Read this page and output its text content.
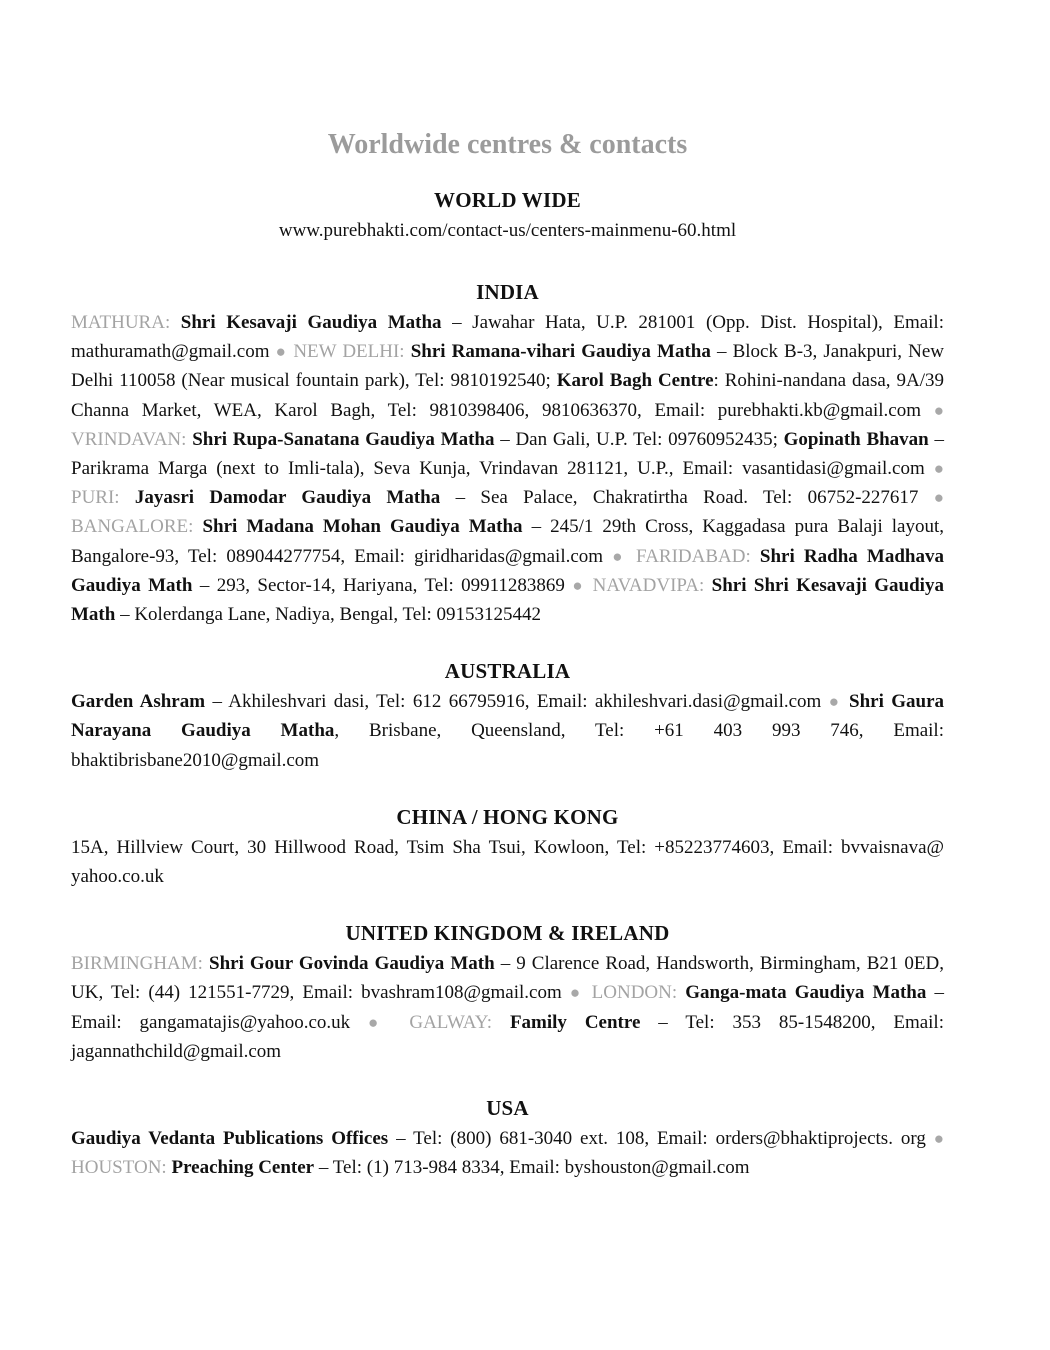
Worldwide centres & contacts
WORLD WIDE

www.purebhakti.com/contact-us/centers-mainmenu-60.html

INDIA

MATHURA: Shri Kesavaji Gaudiya Matha – Jawahar Hata, U.P. 281001 (Opp. Dist. Hospital), Email: mathuramath@gmail.com ● NEW DELHI: Shri Ramana-vihari Gaudiya Matha – Block B-3, Janakpuri, New Delhi 110058 (Near musical fountain park), Tel: 9810192540; Karol Bagh Centre: Rohini-nandana dasa, 9A/39 Channa Market, WEA, Karol Bagh, Tel: 9810398406, 9810636370, Email: purebhakti.kb@gmail.com ● VRINDAVAN: Shri Rupa-Sanatana Gaudiya Matha – Dan Gali, U.P. Tel: 09760952435; Gopinath Bhavan – Parikrama Marga (next to Imli-tala), Seva Kunja, Vrindavan 281121, U.P., Email: vasantidasi@gmail.com ● PURI: Jayasri Damodar Gaudiya Matha – Sea Palace, Chakratirtha Road. Tel: 06752-227617 ● BANGALORE: Shri Madana Mohan Gaudiya Matha – 245/1 29th Cross, Kaggadasa pura Balaji layout, Bangalore-93, Tel: 089044277754, Email: giridharidas@gmail.com ● FARIDABAD: Shri Radha Madhava Gaudiya Math – 293, Sector-14, Hariyana, Tel: 09911283869 ● NAVADVIPA: Shri Shri Kesavaji Gaudiya Math – Kolerdanga Lane, Nadiya, Bengal, Tel: 09153125442

AUSTRALIA

Garden Ashram – Akhileshvari dasi, Tel: 612 66795916, Email: akhileshvari.dasi@gmail.com ● Shri Gaura Narayana Gaudiya Matha, Brisbane, Queensland, Tel: +61 403 993 746, Email: bhaktibrisbane2010@gmail.com

CHINA / HONG KONG

15A, Hillview Court, 30 Hillwood Road, Tsim Sha Tsui, Kowloon, Tel: +85223774603, Email: bvvaisnava@ yahoo.co.uk

UNITED KINGDOM & IRELAND

BIRMINGHAM: Shri Gour Govinda Gaudiya Math – 9 Clarence Road, Handsworth, Birmingham, B21 0ED, UK, Tel: (44) 121551-7729, Email: bvashram108@gmail.com ● LONDON: Ganga-mata Gaudiya Matha – Email: gangamatajis@yahoo.co.uk ● GALWAY: Family Centre – Tel: 353 85-1548200, Email: jagannathchild@gmail.com

USA

Gaudiya Vedanta Publications Offices – Tel: (800) 681-3040 ext. 108, Email: orders@bhaktiprojects. org ● HOUSTON: Preaching Center – Tel: (1) 713-984 8334, Email: byshouston@gmail.com
